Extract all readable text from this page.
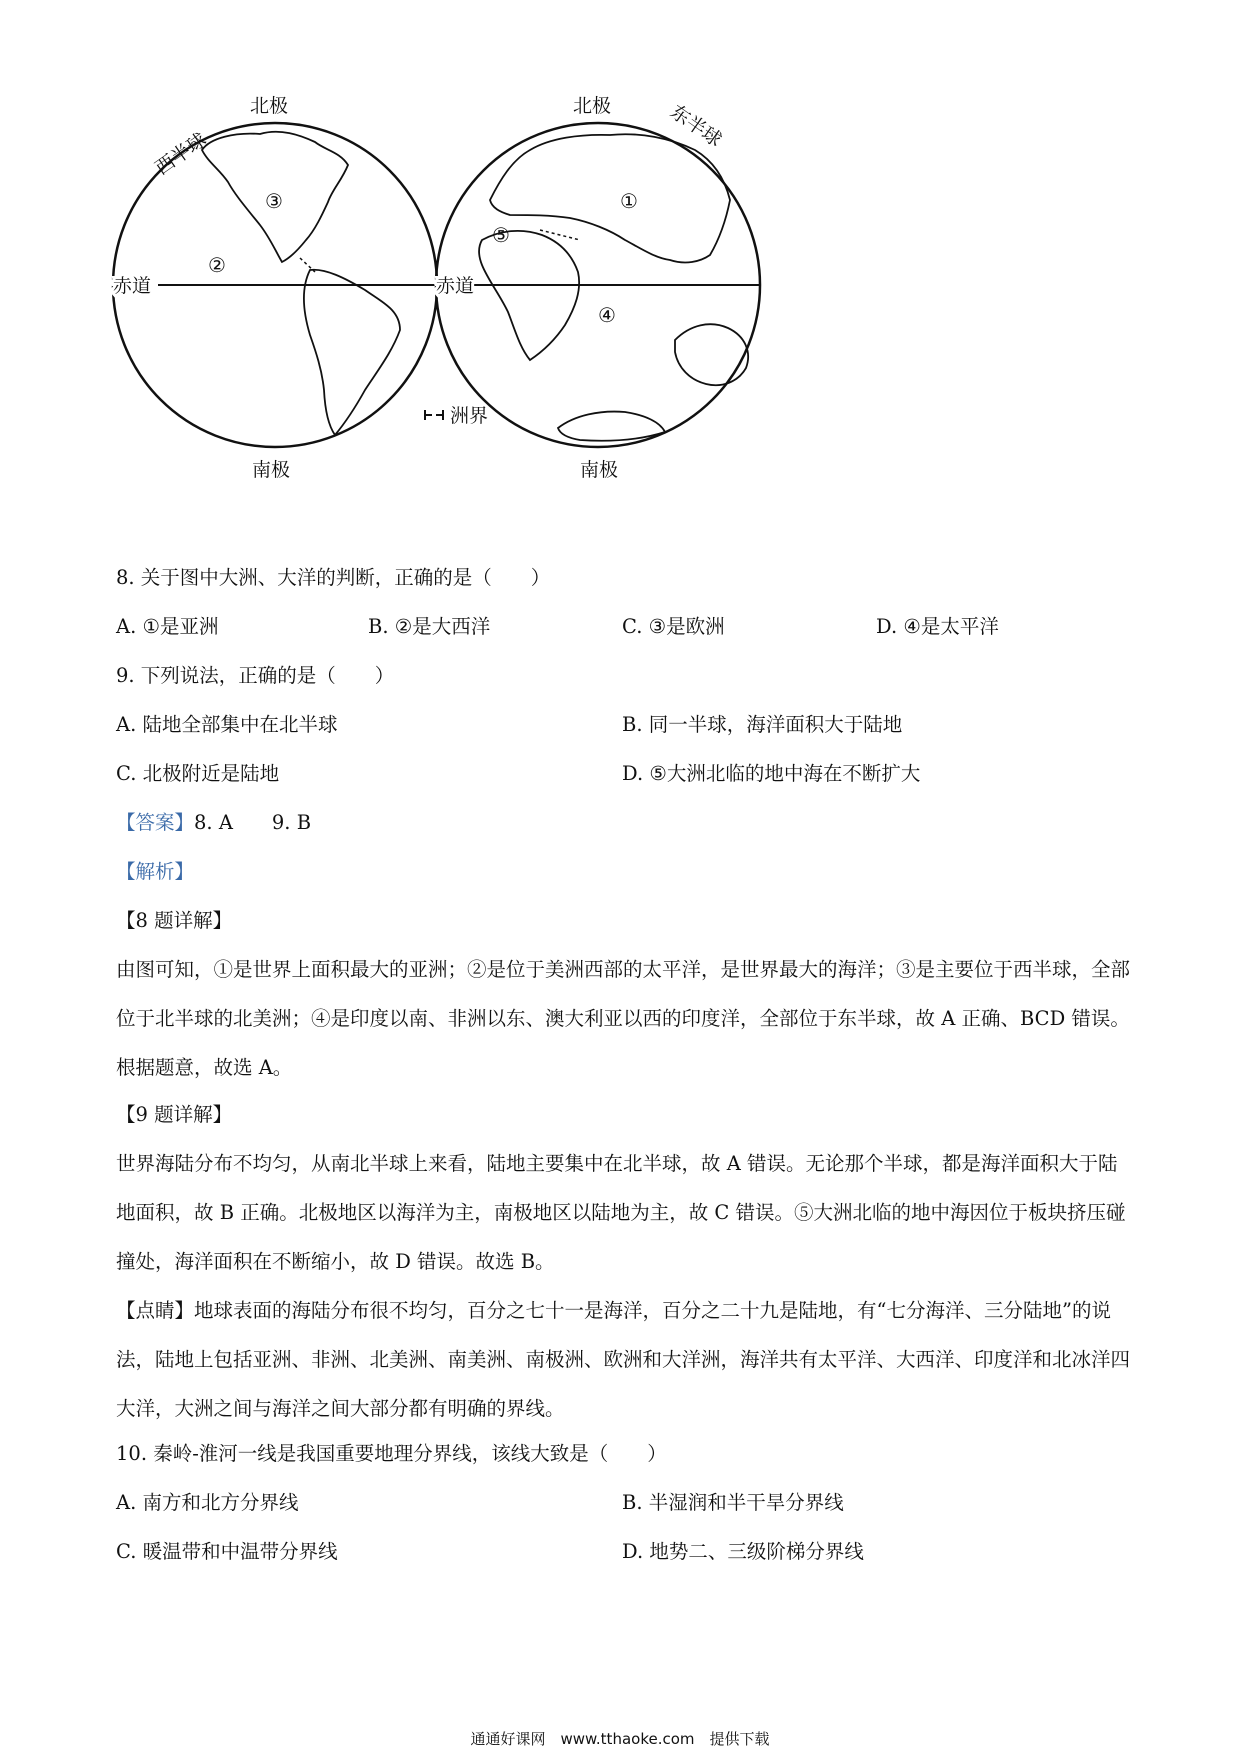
北极	北极
南极	南极
西半球
东半球
赤道	赤道
③
②
①
⑤
④
洲界
8. 关于图中大洲、大洋的判断，正确的是（　　）
A. ①是亚洲	B. ②是大西洋	C. ③是欧洲	D. ④是太平洋
9. 下列说法，正确的是（　　）
A. 陆地全部集中在北半球	B. 同一半球，海洋面积大于陆地
C. 北极附近是陆地	D. ⑤大洲北临的地中海在不断扩大
【答案】8. A　　9. B
【解析】
【8 题详解】
由图可知，①是世界上面积最大的亚洲；②是位于美洲西部的太平洋，是世界最大的海洋；③是主要位于西半球，全部位于北半球的北美洲；④是印度以南、非洲以东、澳大利亚以西的印度洋，全部位于东半球，故 A 正确、BCD 错误。根据题意，故选 A。
【9 题详解】
世界海陆分布不均匀，从南北半球上来看，陆地主要集中在北半球，故 A 错误。无论那个半球，都是海洋面积大于陆地面积，故 B 正确。北极地区以海洋为主，南极地区以陆地为主，故 C 错误。⑤大洲北临的地中海因位于板块挤压碰撞处，海洋面积在不断缩小，故 D 错误。故选 B。
【点睛】地球表面的海陆分布很不均匀，百分之七十一是海洋，百分之二十九是陆地，有“七分海洋、三分陆地”的说法，陆地上包括亚洲、非洲、北美洲、南美洲、南极洲、欧洲和大洋洲，海洋共有太平洋、大西洋、印度洋和北冰洋四大洋，大洲之间与海洋之间大部分都有明确的界线。
10. 秦岭-淮河一线是我国重要地理分界线，该线大致是（　　）
A. 南方和北方分界线	B. 半湿润和半干旱分界线
C. 暖温带和中温带分界线	D. 地势二、三级阶梯分界线
通通好课网　www.tthaoke.com　提供下载
